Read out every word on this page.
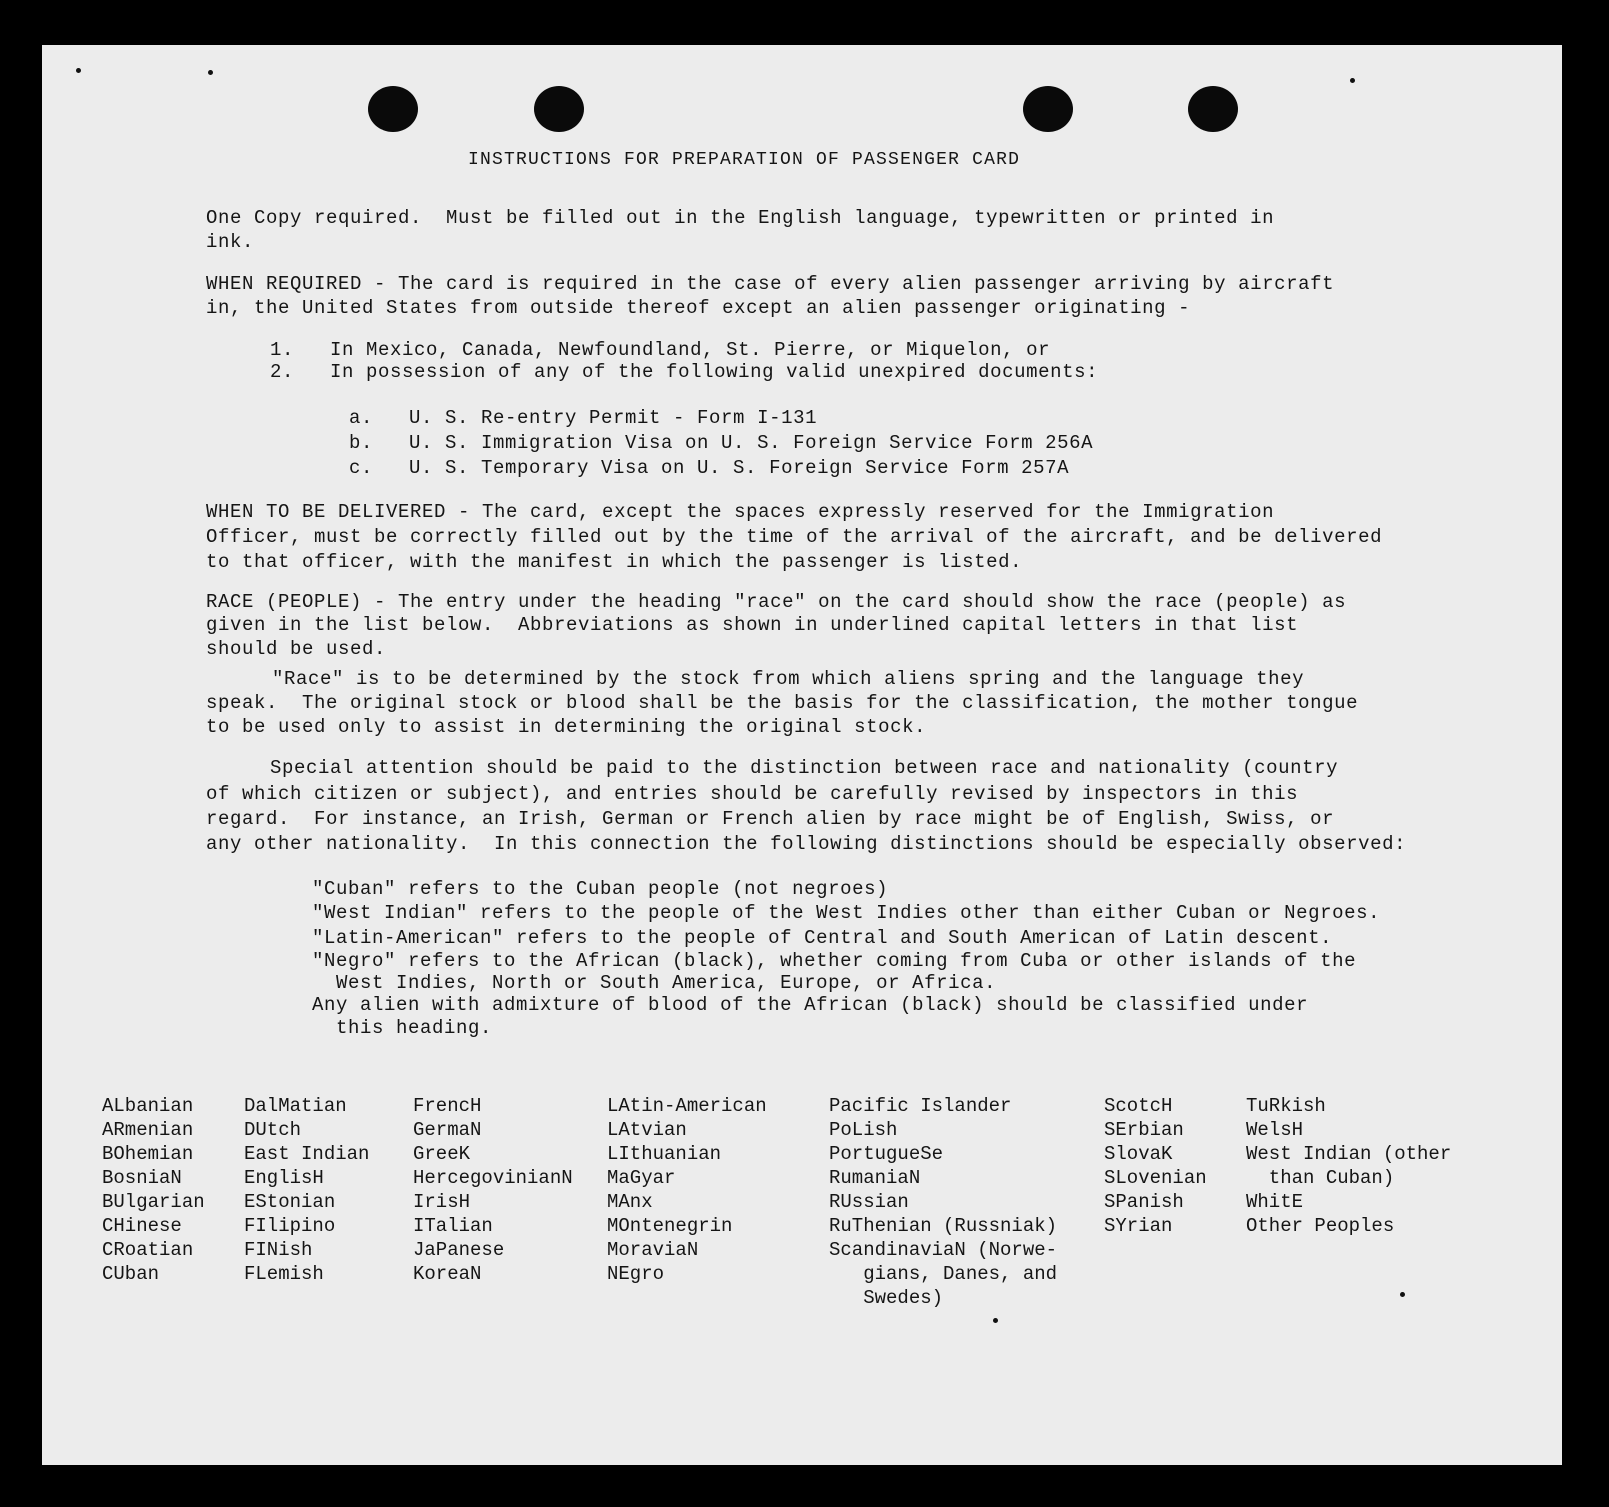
INSTRUCTIONS FOR PREPARATION OF PASSENGER CARD
One Copy required.  Must be filled out in the English language, typewritten or printed in
ink.
WHEN REQUIRED - The card is required in the case of every alien passenger arriving by aircraft
in, the United States from outside thereof except an alien passenger originating -
1.   In Mexico, Canada, Newfoundland, St. Pierre, or Miquelon, or
2.   In possession of any of the following valid unexpired documents:
a.   U. S. Re-entry Permit - Form I-131
b.   U. S. Immigration Visa on U. S. Foreign Service Form 256A
c.   U. S. Temporary Visa on U. S. Foreign Service Form 257A
WHEN TO BE DELIVERED - The card, except the spaces expressly reserved for the Immigration
Officer, must be correctly filled out by the time of the arrival of the aircraft, and be delivered
to that officer, with the manifest in which the passenger is listed.
RACE (PEOPLE) - The entry under the heading "race" on the card should show the race (people) as
given in the list below.  Abbreviations as shown in underlined capital letters in that list
should be used.
"Race" is to be determined by the stock from which aliens spring and the language they
speak.  The original stock or blood shall be the basis for the classification, the mother tongue
to be used only to assist in determining the original stock.
Special attention should be paid to the distinction between race and nationality (country
of which citizen or subject), and entries should be carefully revised by inspectors in this
regard.  For instance, an Irish, German or French alien by race might be of English, Swiss, or
any other nationality.  In this connection the following distinctions should be especially observed:
"Cuban" refers to the Cuban people (not negroes)
"West Indian" refers to the people of the West Indies other than either Cuban or Negroes.
"Latin-American" refers to the people of Central and South American of Latin descent.
"Negro" refers to the African (black), whether coming from Cuba or other islands of the
West Indies, North or South America, Europe, or Africa.
Any alien with admixture of blood of the African (black) should be classified under
this heading.
ALbanian
ARmenian
BOhemian
BosniaN
BUlgarian
CHinese
CRoatian
CUban
DalMatian
DUtch
East Indian
EnglisH
EStonian
FIlipino
FINish
FLemish
FrencH
GermaN
GreeK
HercegovinianN
IrisH
ITalian
JaPanese
KoreaN
LAtin-American
LAtvian
LIthuanian
MaGyar
MAnx
MOntenegrin
MoraviaN
NEgro
Pacific Islander
PoLish
PortugueSe
RumaniaN
RUssian
RuThenian (Russniak)
ScandinaviaN (Norwe-
gians, Danes, and
Swedes)
ScotcH
SErbian
SlovaK
SLovenian
SPanish
SYrian
TuRkish
WelsH
West Indian (other
than Cuban)
WhitE
Other Peoples
